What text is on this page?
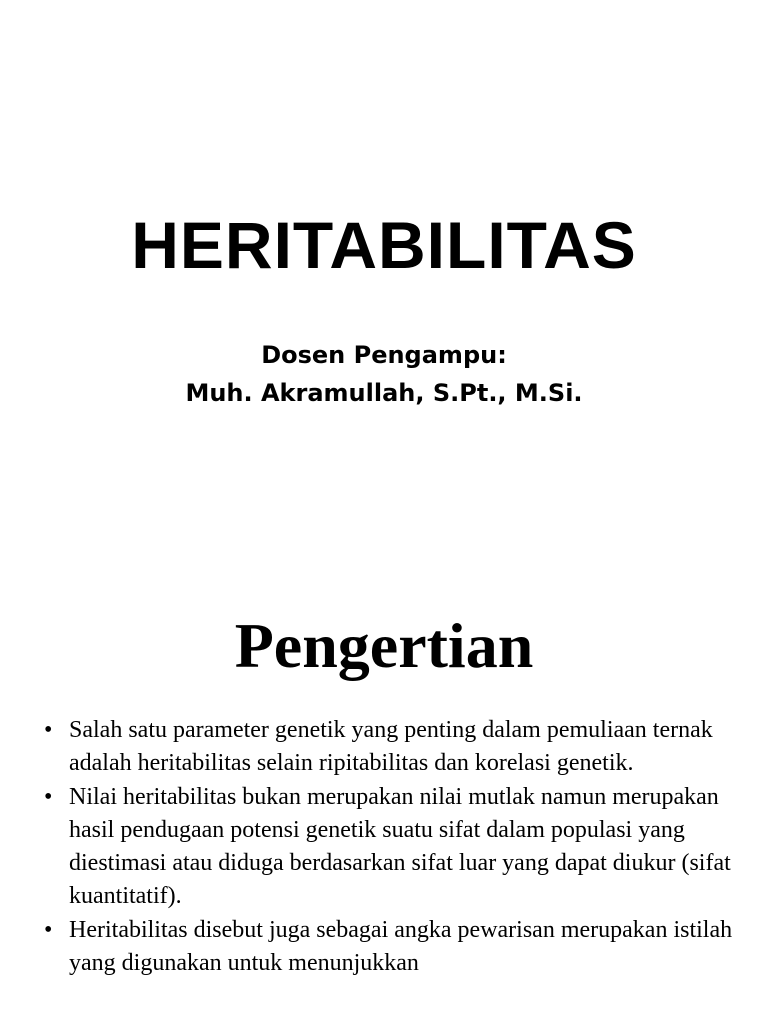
HERITABILITAS
Dosen Pengampu:
Muh. Akramullah, S.Pt., M.Si.
Pengertian
• Salah satu parameter genetik yang penting dalam pemuliaan ternak adalah heritabilitas selain ripitabilitas dan korelasi genetik.
• Nilai heritabilitas bukan merupakan nilai mutlak namun merupakan hasil pendugaan potensi genetik suatu sifat dalam populasi yang diestimasi atau diduga berdasarkan sifat luar yang dapat diukur (sifat kuantitatif).
• Heritabilitas disebut juga sebagai angka pewarisan merupakan istilah yang digunakan untuk menunjukkan
